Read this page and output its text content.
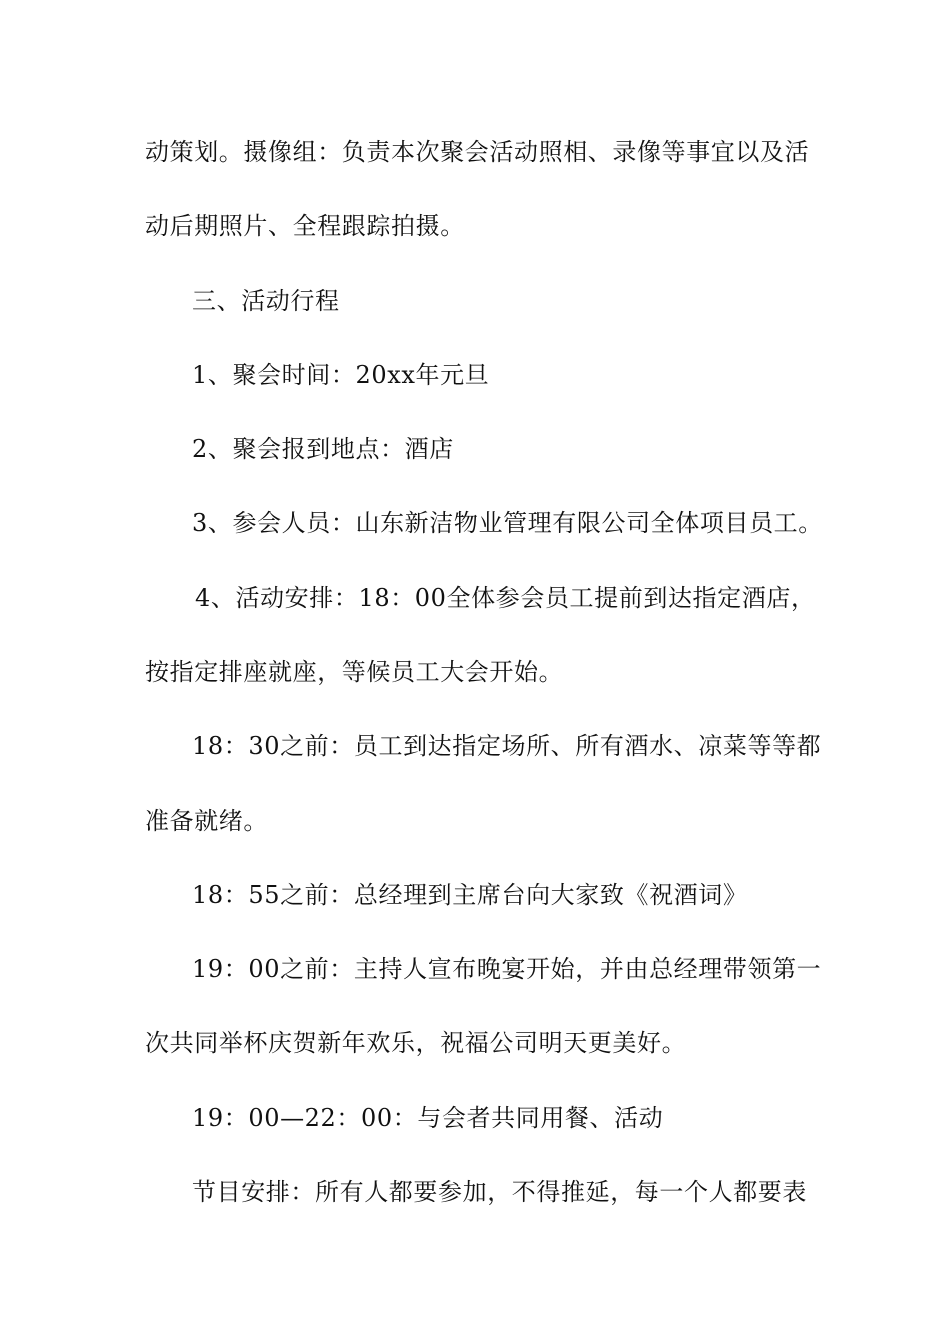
动策划。摄像组：负责本次聚会活动照相、录像等事宜以及活
动后期照片、全程跟踪拍摄。
三、活动行程
1、聚会时间：20xx年元旦
2、聚会报到地点：酒店
3、参会人员：山东新洁物业管理有限公司全体项目员工。
4、活动安排：18：00全体参会员工提前到达指定酒店，
按指定排座就座，等候员工大会开始。
18：30之前：员工到达指定场所、所有酒水、凉菜等等都
准备就绪。
18：55之前：总经理到主席台向大家致《祝酒词》
19：00之前：主持人宣布晚宴开始，并由总经理带领第一
次共同举杯庆贺新年欢乐，祝福公司明天更美好。
19：00—22：00：与会者共同用餐、活动
节目安排：所有人都要参加，不得推延，每一个人都要表
